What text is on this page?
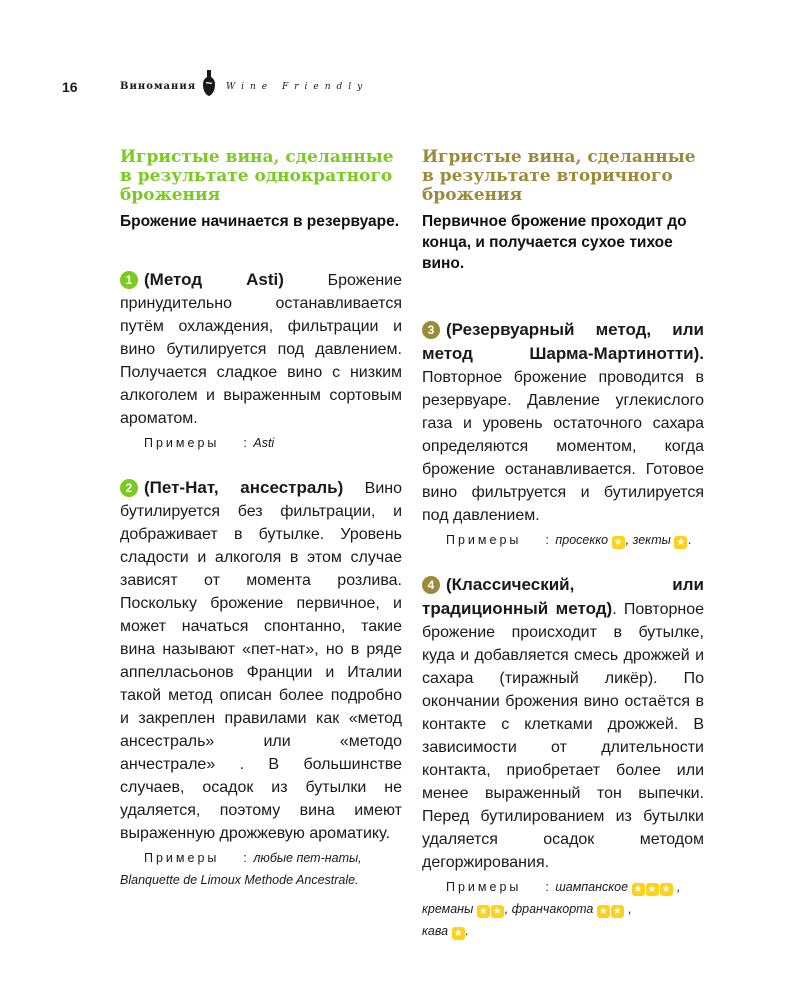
16	Виномания	Wine Friendly
Игристые вина, сделанные в результате однократного брожения

Брожение начинается в резервуаре.

1 (Метод Asti)	Брожение принудительно останавливается путём охлаждения, фильтрации и вино бутилируется под давлением. Получается сладкое вино с низким алкоголем и выраженным сортовым ароматом.

Примеры : Asti

2 (Пет-Нат, ансестраль) Вино бутилируется без фильтрации, и дображивает в бутылке. Уровень сладости и алкоголя в этом случае зависят от момента розлива. Поскольку брожение первичное, и может начаться спонтанно, такие вина называют «пет-нат», но в ряде аппелласьонов Франции и Италии такой метод описан более подробно и закреплен правилами как «метод ансестраль» или «методо анчестрале» . В большинстве случаев, осадок из бутылки не удаляется, поэтому вина имеют выраженную дрожжевую ароматику.

Примеры : любые пет-наты, Blanquette de Limoux Methode Ancestrale.

Игристые вина, сделанные в результате вторичного брожения

Первичное брожение проходит до конца, и получается сухое тихое вино.

3 (Резервуарный метод, или метод Шарма-Мартинотти). Повторное брожение проводится в резервуаре. Давление углекислого газа и уровень остаточного сахара определяются моментом, когда брожение останавливается. Готовое вино фильтруется и бутилируется под давлением.

Примеры : просекко ★ , зекты ★ .

4 (Классический, или традиционный метод). Повторное брожение происходит в бутылке, куда и добавляется смесь дрожжей и сахара (тиражный ликёр). По окончании брожения вино остаётся в контакте с клетками дрожжей. В зависимости от длительности контакта, приобретает более или менее выраженный тон выпечки. Перед бутилированием из бутылки удаляется осадок методом дегоржирования.

Примеры : шампанское ★ ★ ★ ,
креманы ★ ★ , франчакорта ★ ★ ,
кава ★ .
